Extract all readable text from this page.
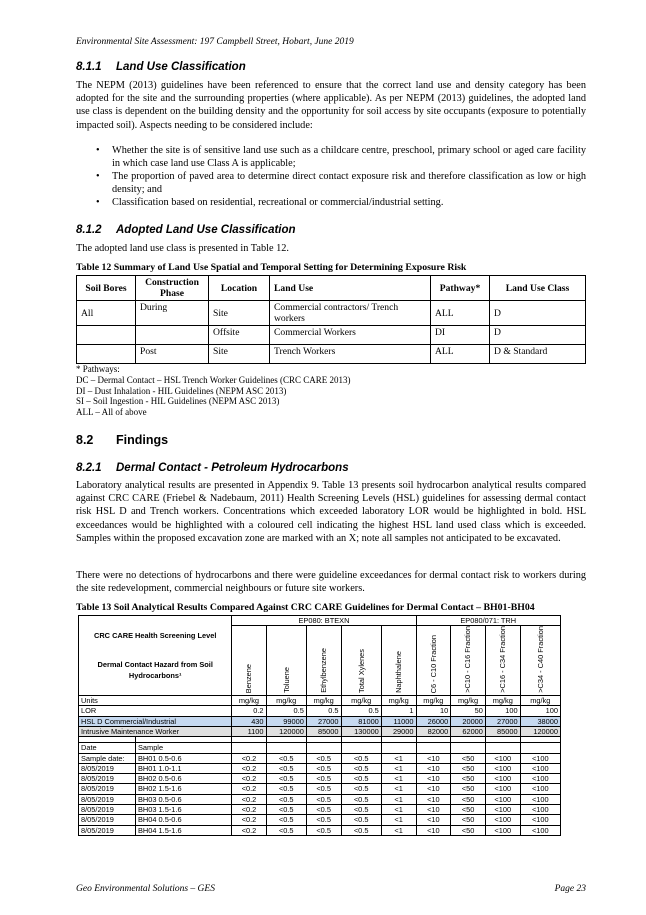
Environmental Site Assessment: 197 Campbell Street, Hobart, June 2019
8.1.1 Land Use Classification

The NEPM (2013) guidelines have been referenced to ensure that the correct land use and density category has been adopted for the site and the surrounding properties (where applicable). As per NEPM (2013) guidelines, the adopted land use class is dependent on the building density and the opportunity for soil access by site occupants (exposure to potentially impacted soil). Aspects needing to be considered include:

• Whether the site is of sensitive land use such as a childcare centre, preschool, primary school or aged care facility in which case land use Class A is applicable;
• The proportion of paved area to determine direct contact exposure risk and therefore classification as low or high density; and
• Classification based on residential, recreational or commercial/industrial setting.
8.1.2 Adopted Land Use Classification

The adopted land use class is presented in Table 12.

Table 12 Summary of Land Use Spatial and Temporal Setting for Determining Exposure Risk
Soil Bores	Construction Phase	Location	Land Use	Pathway*	Land Use Class
All	During	Site	Commercial contractors/ Trench workers	ALL	D
		Offsite	Commercial Workers	DI	D
	Post	Site	Trench Workers	ALL	D & Standard
* Pathways:
DC – Dermal Contact – HSL Trench Worker Guidelines (CRC CARE 2013)
DI – Dust Inhalation - HIL Guidelines (NEPM ASC 2013)
SI – Soil Ingestion - HIL Guidelines (NEPM ASC 2013)
ALL – All of above
8.2 Findings
8.2.1 Dermal Contact - Petroleum Hydrocarbons

Laboratory analytical results are presented in Appendix 9. Table 13 presents soil hydrocarbon analytical results compared against CRC CARE (Friebel & Nadebaum, 2011) Health Screening Levels (HSL) guidelines for assessing dermal contact risk HSL D and Trench workers. Concentrations which exceeded laboratory LOR would be highlighted in bold. HSL exceedances would be highlighted with a coloured cell indicating the highest HSL land used class which is exceeded. Samples within the proposed excavation zone are marked with an X; note all samples not anticipated to be excavated.

There were no detections of hydrocarbons and there were guideline exceedances for dermal contact risk to workers during the site redevelopment, commercial neighbours or future site workers.

Table 13 Soil Analytical Results Compared Against CRC CARE Guidelines for Dermal Contact – BH01-BH04
CRC CARE Health Screening Level
Dermal Contact Hazard from Soil Hydrocarbons¹		EP080: BTEXN					EP080/071: TRH			

		Benzene	Toluene	Ethylbenzene	Total Xylenes	Naphthalene	C6 - C10 Fraction	>C10 - C16 Fraction	>C16 - C34 Fraction	>C34 - C40 Fraction

Units		mg/kg	mg/kg	mg/kg	mg/kg	mg/kg	mg/kg	mg/kg	mg/kg	mg/kg
LOR		0.2	0.5	0.5	0.5	1	10	50	100	100
HSL D Commercial/Industrial		430	99000	27000	81000	11000	26000	20000	27000	38000
Intrusive Maintenance Worker		1100	120000	85000	130000	29000	82000	62000	85000	120000

Date	Sample									
Sample date:	BH01 0.5-0.6	<0.2	<0.5	<0.5	<0.5	<1	<10	<50	<100	<100
8/05/2019	BH01 1.0-1.1	<0.2	<0.5	<0.5	<0.5	<1	<10	<50	<100	<100
8/05/2019	BH02 0.5-0.6	<0.2	<0.5	<0.5	<0.5	<1	<10	<50	<100	<100
8/05/2019	BH02 1.5-1.6	<0.2	<0.5	<0.5	<0.5	<1	<10	<50	<100	<100
8/05/2019	BH03 0.5-0.6	<0.2	<0.5	<0.5	<0.5	<1	<10	<50	<100	<100
8/05/2019	BH03 1.5-1.6	<0.2	<0.5	<0.5	<0.5	<1	<10	<50	<100	<100
8/05/2019	BH04 0.5-0.6	<0.2	<0.5	<0.5	<0.5	<1	<10	<50	<100	<100
8/05/2019	BH04 1.5-1.6	<0.2	<0.5	<0.5	<0.5	<1	<10	<50	<100	<100
Geo Environmental Solutions – GES	Page 23
